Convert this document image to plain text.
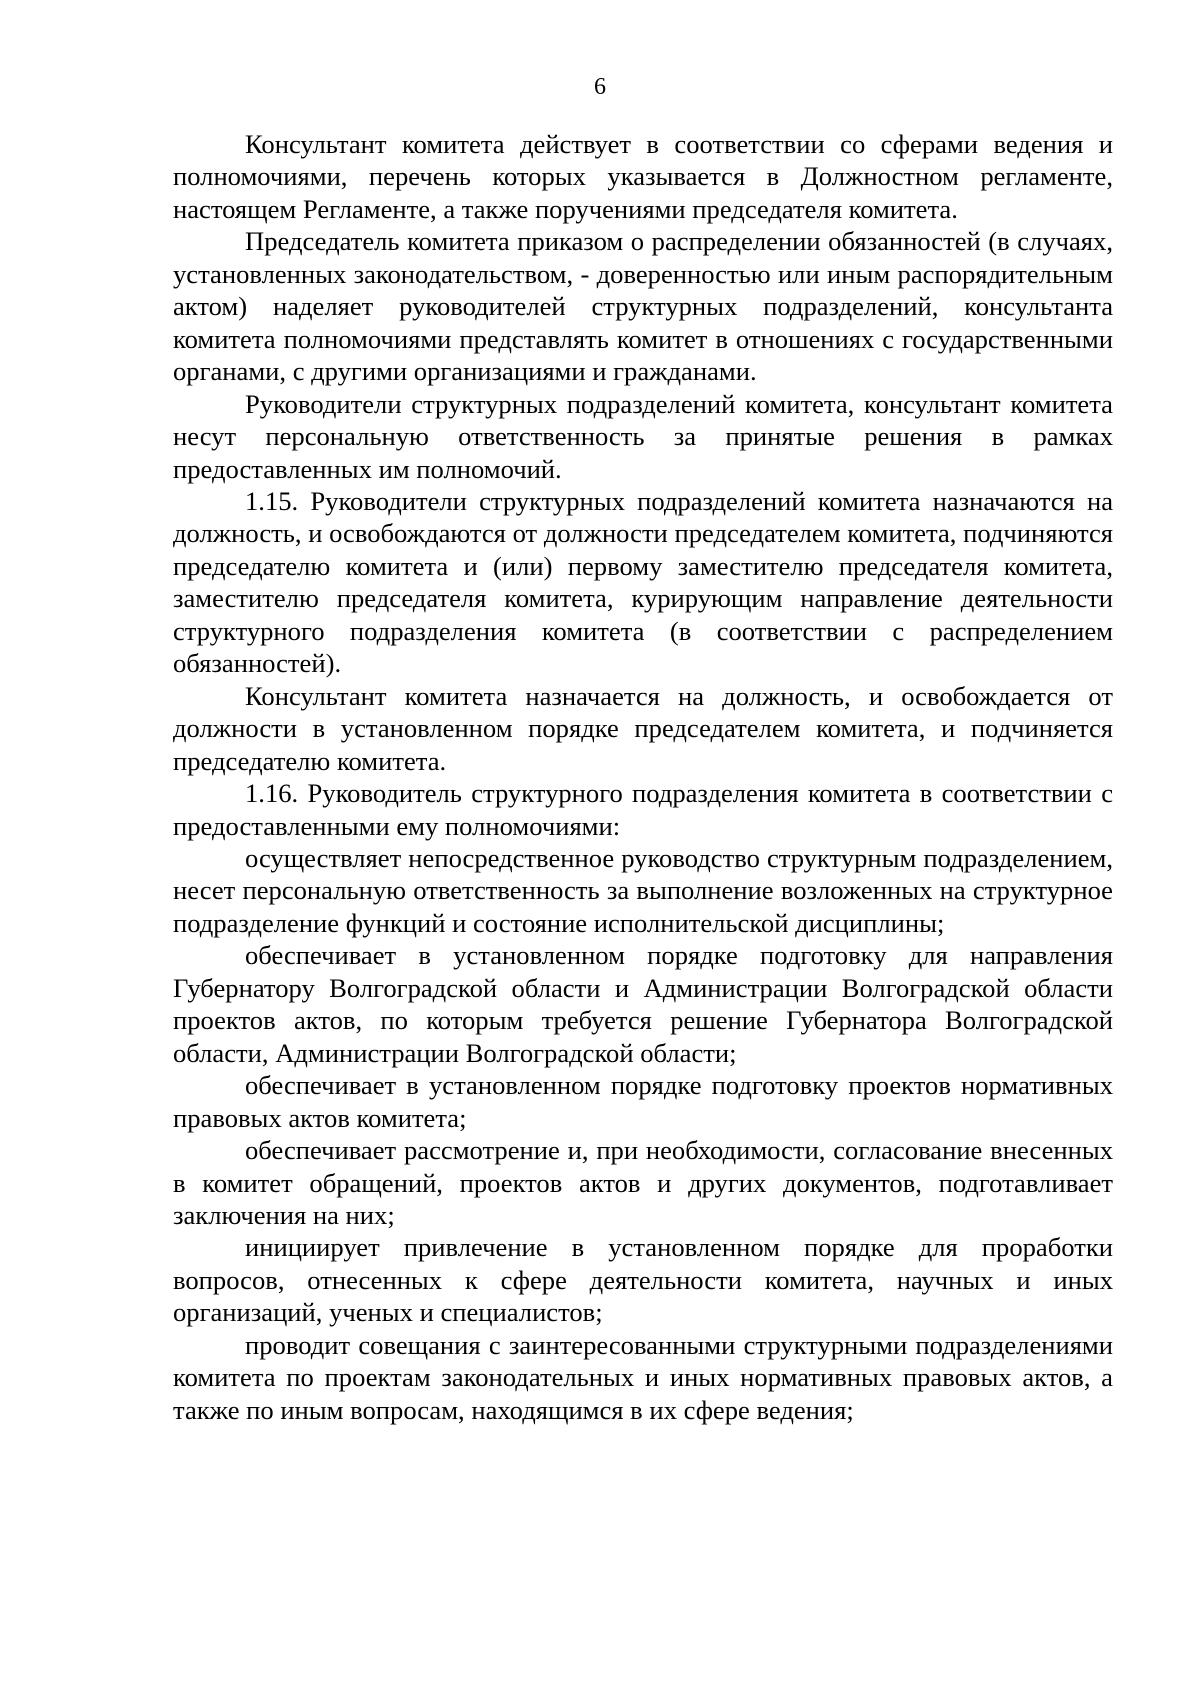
6

Консультант комитета действует в соответствии со сферами ведения и полномочиями, перечень которых указывается в Должностном регламенте, настоящем Регламенте, а также поручениями председателя комитета.

Председатель комитета приказом о распределении обязанностей (в случаях, установленных законодательством, - доверенностью или иным распорядительным актом) наделяет руководителей структурных подразделений, консультанта комитета полномочиями представлять комитет в отношениях с государственными органами, с другими организациями и гражданами.

Руководители структурных подразделений комитета, консультант комитета несут персональную ответственность за принятые решения в рамках предоставленных им полномочий.

1.15. Руководители структурных подразделений комитета назначаются на должность, и освобождаются от должности председателем комитета, подчиняются председателю комитета и (или) первому заместителю председателя комитета, заместителю председателя комитета, курирующим направление деятельности структурного подразделения комитета (в соответствии с распределением обязанностей).

Консультант комитета назначается на должность, и освобождается от должности в установленном порядке председателем комитета, и подчиняется председателю комитета.

1.16. Руководитель структурного подразделения комитета в соответствии с предоставленными ему полномочиями:

осуществляет непосредственное руководство структурным подразделением, несет персональную ответственность за выполнение возложенных на структурное подразделение функций и состояние исполнительской дисциплины;

обеспечивает в установленном порядке подготовку для направления Губернатору Волгоградской области и Администрации Волгоградской области проектов актов, по которым требуется решение Губернатора Волгоградской области, Администрации Волгоградской области;

обеспечивает в установленном порядке подготовку проектов нормативных правовых актов комитета;

обеспечивает рассмотрение и, при необходимости, согласование внесенных в комитет обращений, проектов актов и других документов, подготавливает заключения на них;

инициирует привлечение в установленном порядке для проработки вопросов, отнесенных к сфере деятельности комитета, научных и иных организаций, ученых и специалистов;

проводит совещания с заинтересованными структурными подразделениями комитета по проектам законодательных и иных нормативных правовых актов, а также по иным вопросам, находящимся в их сфере ведения;
